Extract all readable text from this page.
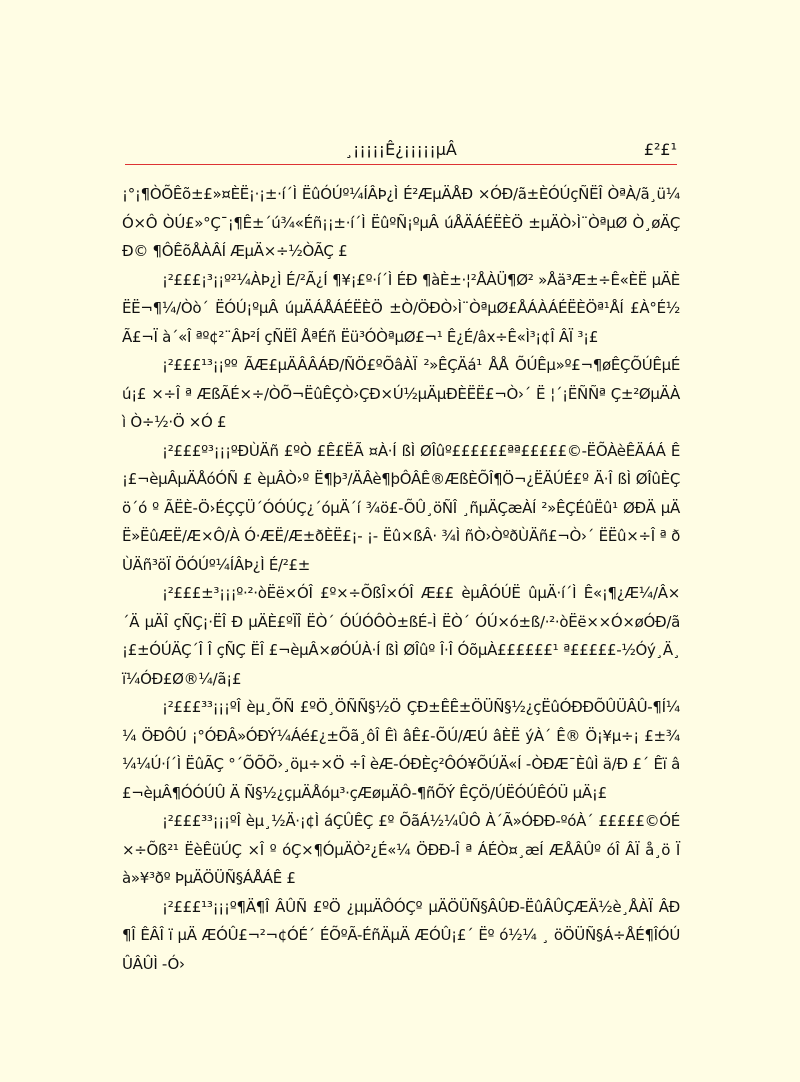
¸¡¡¡¡¡Ê¿¡¡¡¡¡µÂ	£²£¹

¡°¡¶ÒÕÊõ±£»¤ÈË¡·¡±·í´Ì ËûÓÚº¼ÍÂÞ¿Ì É²ÆµÄÅÐ ×ÓÐ/ã±ÈÓÚçÑËÎ ÒªÀ/ã¸ü¼Ó×Ô ÒÚ£»°Ç¯¡¶Ê±´ú¾«Éñ¡¡±·í´Ì ËûºÑ¡ºµÂ úÅÄÁÉËÈÖ ±µÄÒ›Ì¨ÒªµØ Ò¸øÄÇÐ© ¶ÔÊõÅÀÂÍ ÆµÄ×÷½ÒÃÇ £

¡²£££¡³¡¡º²¼ÀÞ¿Ì É/²Ã¿Í ¶¥¡£º·í´Ì ÉÐ ¶àÈ±·¦²ÅÀÜ¶Ø² »Åä³Æ±÷Ê«ÈË µÄÈËË¬¶¼/Òò´ ËÓÚ¡ºµÂ úµÄÁÅÁÉËÈÖ ±Ò/ÖÐÒ›Ì¨ÒªµØ£ÅÁÀÁÉËÈÖª¹ÅÍ £À°É½ Ã£¬Ï à´«Î ªº¢²¨ÂÞ²Í çÑËÎ ÅªÉñ Ëü³ÓÒªµØ£¬¹ Ê¿É/âx÷Ê«Ì³¡¢Î ÂÏ ³¡£

¡²£££¹³¡¡ºº ÃÆ£µÄÂÂÁÐ/ÑÖ£ºÕâÀÏ ²»ÊÇÄá¹ ÅÅ ÕÚÊµ»º£¬¶øÊÇÕÚÊµÉú¡£ ×÷Î ª ÆßÃÉ×÷/ÒÕ¬ËûÊÇÒ›ÇÐ×Ú½µÄµÐÈËË£¬Ò›´ Ë ¦´¡ËÑÑª Ç±²ØµÄÀì Ò÷½·Ö ×Ó £

¡²£££º³¡¡¡ºÐÙÄñ £ºÒ £Ê£ËÃ ¤À·Í ßÌ ØÎûº££££££ªª£££££©-ËÕÀèÊÄÁÁ Ê¡£¬èµÂµÄÅóÓÑ £ èµÂÒ›º Ë¶þ³/ÄÂè¶þÔÂÊ®ÆßÈÕÎ¶Ö¬¿ËÄÚÉ£º Ä·Î ßÌ ØÎûÈÇ ö´ó º ÃËÈ-Ö›ÉÇÇÜ´ÓÓÚÇ¿´óµÄ´í ¾ö£-ÕÛ¸öÑÎ ¸ñµÄÇæÀÍ ²»ÊÇÉûËû¹ ØÐÄ µÄË»ËûÆË/Æ×Ô/À Ó·ÆË/Æ±ðÈË£¡- ¡- Ëû×ßÂ· ¾Ì ñÒ›ÒºðÙÄñ£¬Ò›´ ËËû×÷Î ª ðÙÄñ³öÏ ÖÓÚº¼ÍÂÞ¿Ì É/²£±

¡²£££±³¡¡¡º·²·òËë×ÓÎ £º×÷ÕßÎ×ÓÎ Æ££ èµÂÓÚË ûµÄ·í´Ì Ê«¡¶¿Æ¼/Â×´Ä µÄÎ çÑÇ¡·ËÎ Ð µÄÈ£ºÏÎ ËÒ´ ÓÚÓÔÒ±ßÉ-Ì ËÒ´ ÓÚ×ó±ß/·²·òËë××Ó×øÓÐ/ã¡£±ÓÚÄÇ´Î Î çÑÇ ËÎ £¬èµÂ×øÓÚÀ·Í ßÌ ØÎûº Î·Î ÓõµÀ££££££¹ ª£££££-½Óý¸Ä¸ ï¼ÓÐ£Ø®¼/ã¡£

¡²£££³³¡¡¡ºÎ èµ¸ÕÑ £ºÖ¸ÖÑÑ§½Ö ÇÐ±ÊÊ±ÖÜÑ§½¿çËûÓÐÐÕÛÜÂÛ-¶Í¼¼ ÖÐÔÚ ¡°ÓÐÂ»ÓÐÝ¼Áé£¿±Õã¸ôÎ Êì âÊ£-ÕÚ/ÆÚ âÈË ýÀ´ Ê® Ö¡¥µ÷¡ £±¾¼¼Ú·í´Ì ËûÃÇ °´ÕÕÕ›¸öµ÷×Ö ÷Î èÆ-ÓÐÈç²ÔÓ¥ÕÚÄ«Í -ÒÐÆ¯ÈûÌ ä/Ð £´ Êï â£¬èµÂ¶ÓÓÚÛ Ä Ñ§½¿çµÄÅóµ³·çÆøµÄÔ-¶ñÕÝ ÊÇÖ/ÚËÓÚÊÓÜ µÄ¡£

¡²£££³³¡¡¡ºÎ èµ¸½Ä·¡¢Ì áÇÛÊÇ £º ÕãÁ½¼ÛÔ À´Ã»ÓÐÐ-ºóÀ´ £££££©ÓÉ×÷Õß²¹ ËèÊüÚÇ ×Î º óÇ×¶ÓµÄÒ²¿É«¼ ÖÐÐ-Î ª ÁÉÒ¤¸æÍ ÆÅÂÛº óÎ ÂÏ å¸ö Ï à»¥³ðº ÞµÄÖÜÑ§ÁÅÁÊ £

¡²£££¹³¡¡¡º¶Ä¶Î ÂÛÑ £ºÖ ¿µµÄÔÓÇº µÄÖÜÑ§ÂÛÐ-ËûÂÛÇÆÄ½è¸ÅÀÏ ÂÐ¶Î ÊÂÎ ï µÄ ÆÓÛ£¬²¬¢ÓÉ´ ÉÕºÃ-ÉñÄµÄ ÆÓÛ¡£´ Ëº ó½¼ ¸ öÖÜÑ§Á÷ÅÉ¶ÎÓÚÛÂÛÌ -Ó›
